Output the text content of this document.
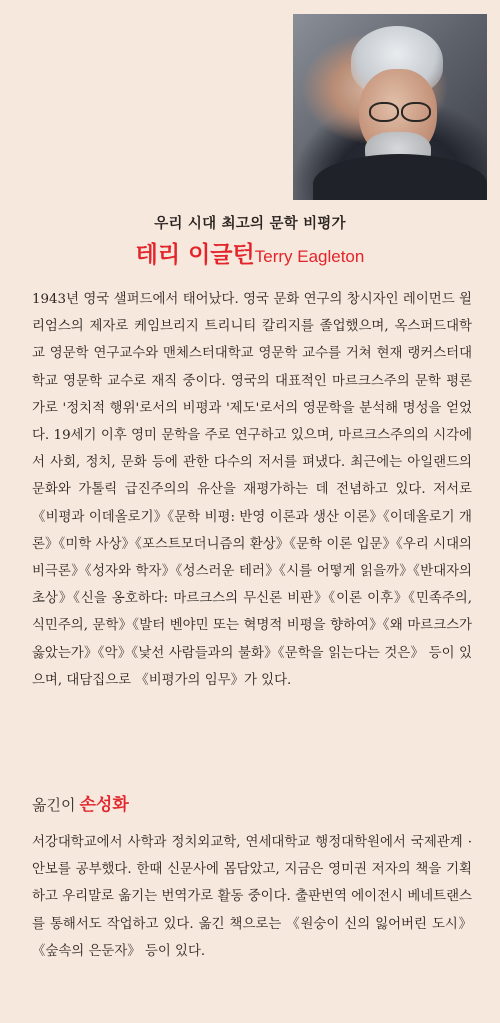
우리 시대 최고의 문학 비평가
테리 이글턴Terry Eagleton

1943년 영국 샐퍼드에서 태어났다. 영국 문화 연구의 창시자인 레이먼드 윌리엄스의 제자로 케임브리지 트리니티 칼리지를 졸업했으며, 옥스퍼드대학교 영문학 연구교수와 맨체스터대학교 영문학 교수를 거쳐 현재 랭커스터대학교 영문학 교수로 재직 중이다. 영국의 대표적인 마르크스주의 문학 평론가로 '정치적 행위'로서의 비평과 '제도'로서의 영문학을 분석해 명성을 얻었다. 19세기 이후 영미 문학을 주로 연구하고 있으며, 마르크스주의의 시각에서 사회, 정치, 문화 등에 관한 다수의 저서를 펴냈다. 최근에는 아일랜드의 문화와 가톨릭 급진주의의 유산을 재평가하는 데 전념하고 있다. 저서로 《비평과 이데올로기》《문학 비평: 반영 이론과 생산 이론》《이데올로기 개론》《미학 사상》《포스트모더니즘의 환상》《문학 이론 입문》《우리 시대의 비극론》《성자와 학자》《성스러운 테러》《시를 어떻게 읽을까》《반대자의 초상》《신을 옹호하다: 마르크스의 무신론 비판》《이론 이후》《민족주의, 식민주의, 문학》《발터 벤야민 또는 혁명적 비평을 향하여》《왜 마르크스가 옳았는가》《악》《낯선 사람들과의 불화》《문학을 읽는다는 것은》 등이 있으며, 대담집으로 《비평가의 임무》가 있다.

옮긴이 손성화

서강대학교에서 사학과 정치외교학, 연세대학교 행정대학원에서 국제관계 · 안보를 공부했다. 한때 신문사에 몸담았고, 지금은 영미권 저자의 책을 기획하고 우리말로 옮기는 번역가로 활동 중이다. 출판번역 에이전시 베네트랜스를 통해서도 작업하고 있다. 옮긴 책으로는 《원숭이 신의 잃어버린 도시》《숲속의 은둔자》 등이 있다.
